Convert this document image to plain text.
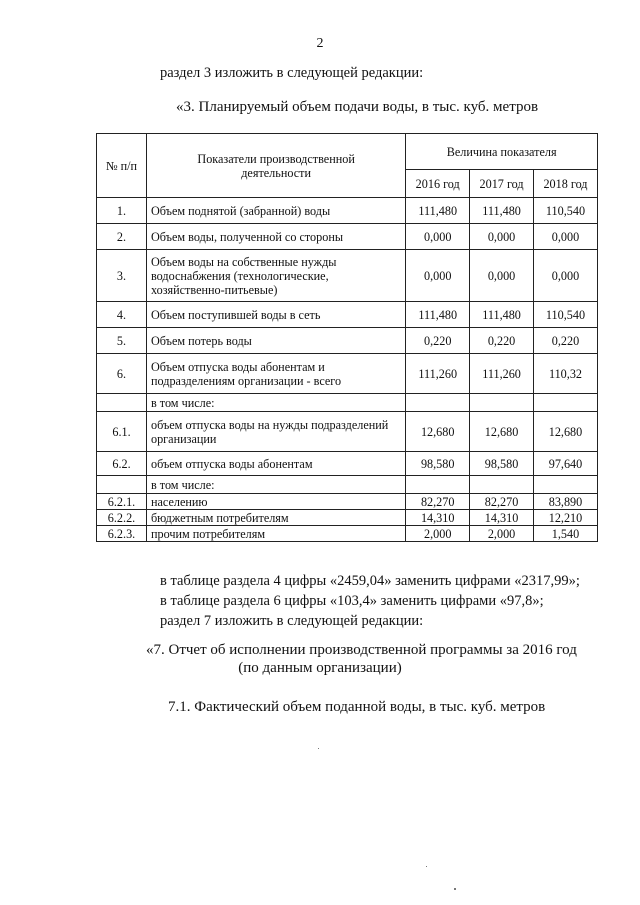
2
раздел 3 изложить в следующей редакции:
«3. Планируемый объем подачи воды, в тыс. куб. метров
№ п/п	Показатели производственной деятельности	Величина показателя		
		2016 год	2017 год	2018 год
1.	Объем поднятой (забранной) воды	111,480	111,480	110,540
2.	Объем воды, полученной со стороны	0,000	0,000	0,000
3.	Объем воды на собственные нужды водоснабжения (технологические, хозяйственно-питьевые)	0,000	0,000	0,000
4.	Объем поступившей воды в сеть	111,480	111,480	110,540
5.	Объем потерь воды	0,220	0,220	0,220
6.	Объем отпуска воды абонентам и подразделениям организации - всего	111,260	111,260	110,32
	в том числе:			
6.1.	объем отпуска воды на нужды подразделений организации	12,680	12,680	12,680
6.2.	объем отпуска воды абонентам	98,580	98,580	97,640
	в том числе:			
6.2.1.	населению	82,270	82,270	83,890
6.2.2.	бюджетным потребителям	14,310	14,310	12,210
6.2.3.	прочим потребителям	2,000	2,000	1,540
в таблице раздела 4 цифры «2459,04» заменить цифрами «2317,99»;
в таблице раздела 6 цифры «103,4» заменить цифрами «97,8»;
раздел 7 изложить в следующей редакции:
«7. Отчет об исполнении производственной программы за 2016 год
(по данным организации)
7.1. Фактический объем поданной воды, в тыс. куб. метров
